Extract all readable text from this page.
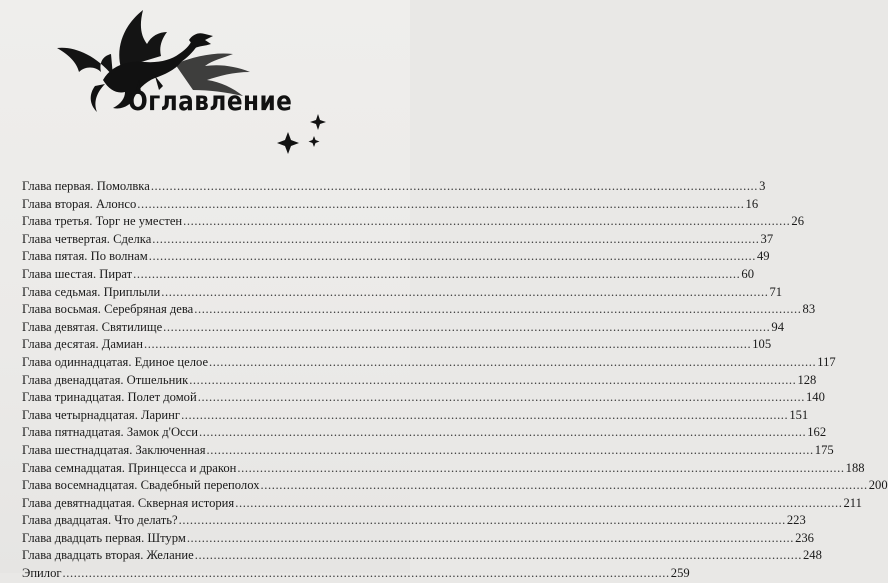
Оглавление
Глава первая. Помолвка .....	3
Глава вторая. Алонсо .....	16
Глава третья. Торг не уместен .....	26
Глава четвертая. Сделка .....	37
Глава пятая. По волнам .....	49
Глава шестая. Пират .....	60
Глава седьмая. Приплыли .....	71
Глава восьмая. Серебряная дева .....	83
Глава девятая. Святилище .....	94
Глава десятая. Дамиан .....	105
Глава одиннадцатая. Единое целое .....	117
Глава двенадцатая. Отшельник .....	128
Глава тринадцатая. Полет домой .....	140
Глава четырнадцатая. Ларинг .....	151
Глава пятнадцатая. Замок д'Осси .....	162
Глава шестнадцатая. Заключенная .....	175
Глава семнадцатая. Принцесса и дракон .....	188
Глава восемнадцатая. Свадебный переполох .....	200
Глава девятнадцатая. Скверная история .....	211
Глава двадцатая. Что делать? .....	223
Глава двадцать первая. Штурм .....	236
Глава двадцать вторая. Желание .....	248
Эпилог .....	259
